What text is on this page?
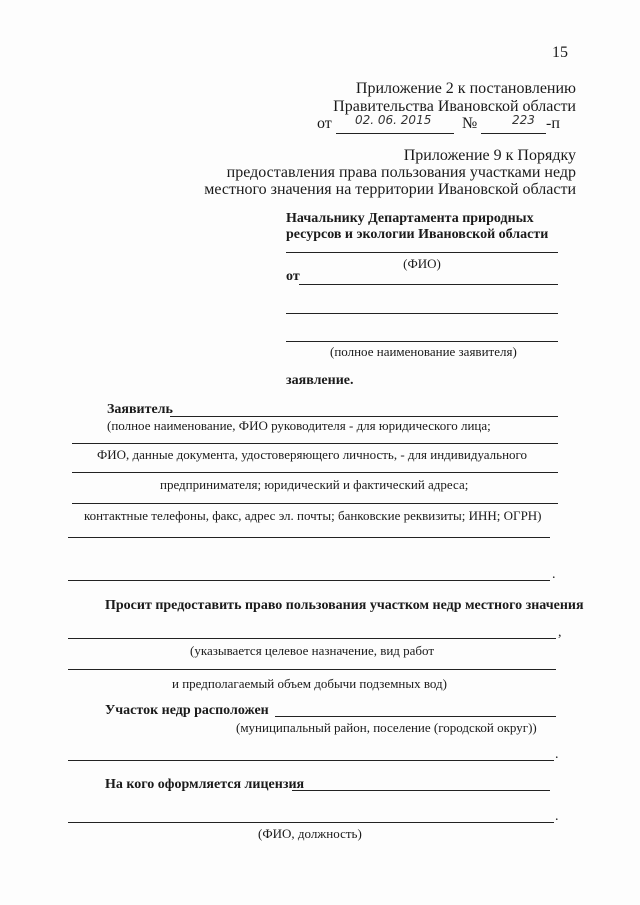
15
Приложение 2 к постановлению
Правительства Ивановской области
от 02. 06. 2015 №	223 -п
Приложение 9 к Порядку
предоставления права пользования участками недр
местного значения на территории Ивановской области
Начальнику Департамента природных
ресурсов и экологии Ивановской области
(ФИО)
от
(полное наименование заявителя)
заявление.
Заявитель
(полное наименование, ФИО руководителя - для юридического лица;
ФИО, данные документа, удостоверяющего личность, - для индивидуального
предпринимателя; юридический и фактический адреса;
контактные телефоны, факс, адрес эл. почты; банковские реквизиты; ИНН; ОГРН)
.
Просит предоставить право пользования участком недр местного значения
,
(указывается целевое назначение, вид работ
и предполагаемый объем добычи подземных вод)
Участок недр расположен
(муниципальный район, поселение (городской округ))
.
На кого оформляется лицензия
.
(ФИО, должность)
